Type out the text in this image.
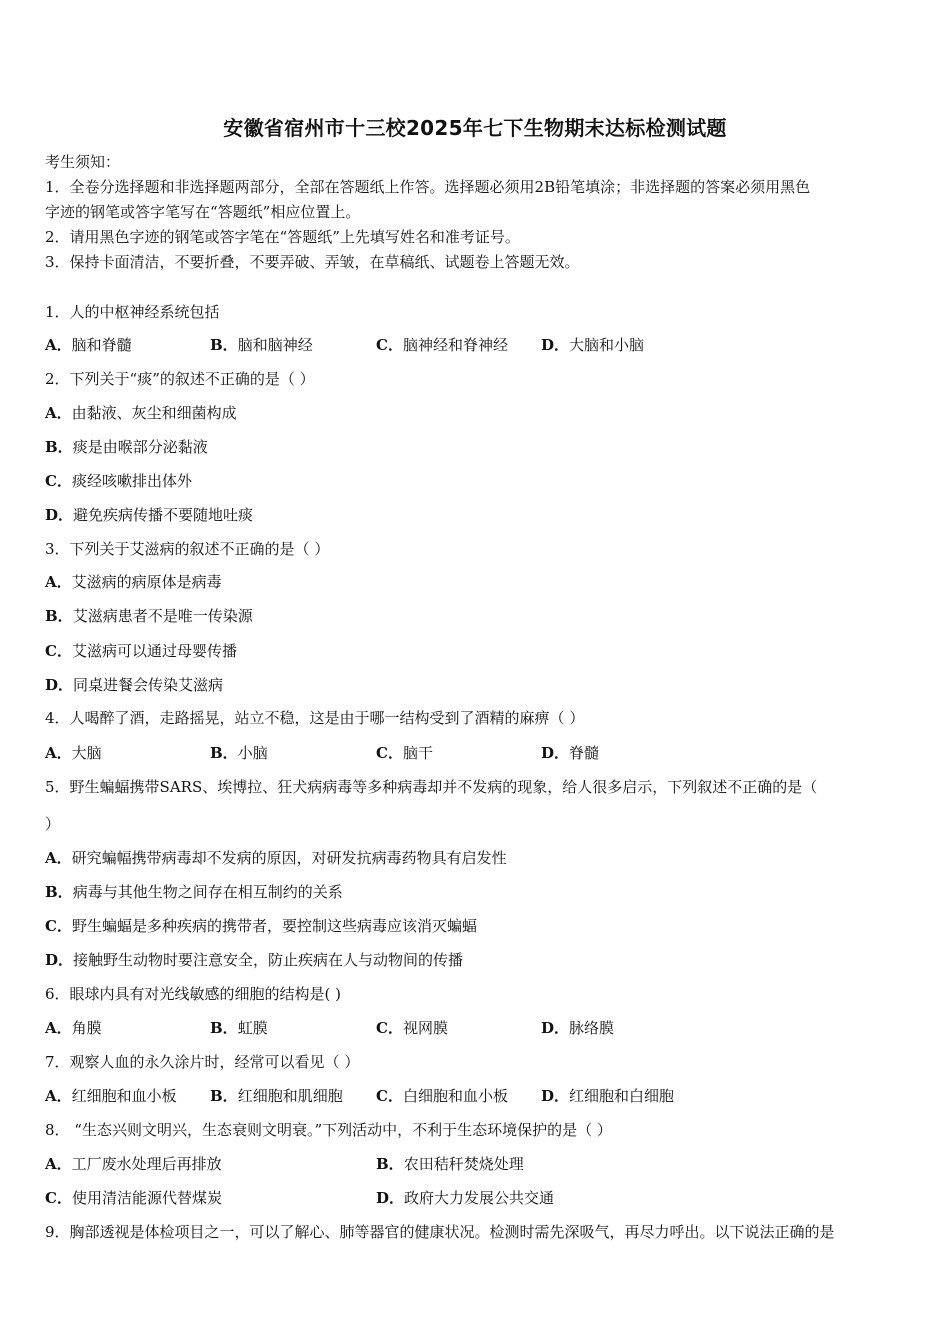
安徽省宿州市十三校2025年七下生物期末达标检测试题
考生须知：
1．全卷分选择题和非选择题两部分，全部在答题纸上作答。选择题必须用2B铅笔填涂；非选择题的答案必须用黑色
字迹的钢笔或答字笔写在“答题纸”相应位置上。
2．请用黑色字迹的钢笔或答字笔在“答题纸”上先填写姓名和准考证号。
3．保持卡面清洁，不要折叠，不要弄破、弄皱，在草稿纸、试题卷上答题无效。
1．人的中枢神经系统包括
A．脑和脊髓	B．脑和脑神经	C．脑神经和脊神经 D．大脑和小脑
2．下列关于“痰”的叙述不正确的是（ ）
A．由黏液、灰尘和细菌构成
B．痰是由喉部分泌黏液
C．痰经咳嗽排出体外
D．避免疾病传播不要随地吐痰
3．下列关于艾滋病的叙述不正确的是（ ）
A．艾滋病的病原体是病毒
B．艾滋病患者不是唯一传染源
C．艾滋病可以通过母婴传播
D．同桌进餐会传染艾滋病
4．人喝醉了酒，走路摇晃，站立不稳，这是由于哪一结构受到了酒精的麻痹（ ）
A．大脑	B．小脑	C．脑干	D．脊髓
5．野生蝙蝠携带SARS、埃博拉、狂犬病病毒等多种病毒却并不发病的现象，给人很多启示，下列叙述不正确的是（
）
A．研究蝙幅携带病毒却不发病的原因，对研发抗病毒药物具有启发性
B．病毒与其他生物之间存在相互制约的关系
C．野生蝙蝠是多种疾病的携带者，要控制这些病毒应该消灭蝙蝠
D．接触野生动物时要注意安全，防止疾病在人与动物间的传播
6．眼球内具有对光线敏感的细胞的结构是( )
A．角膜	B．虹膜	C．视网膜	D．脉络膜
7．观察人血的永久涂片时，经常可以看见（ ）
A．红细胞和血小板 B．红细胞和肌细胞 C．白细胞和血小板 D．红细胞和白细胞
8． “生态兴则文明兴，生态衰则文明衰。”下列活动中，不利于生态环境保护的是（ ）
A．工厂废水处理后再排放	B．农田秸秆焚烧处理
C．使用清洁能源代替煤炭	D．政府大力发展公共交通
9．胸部透视是体检项目之一，可以了解心、肺等器官的健康状况。检测时需先深吸气，再尽力呼出。以下说法正确的是
